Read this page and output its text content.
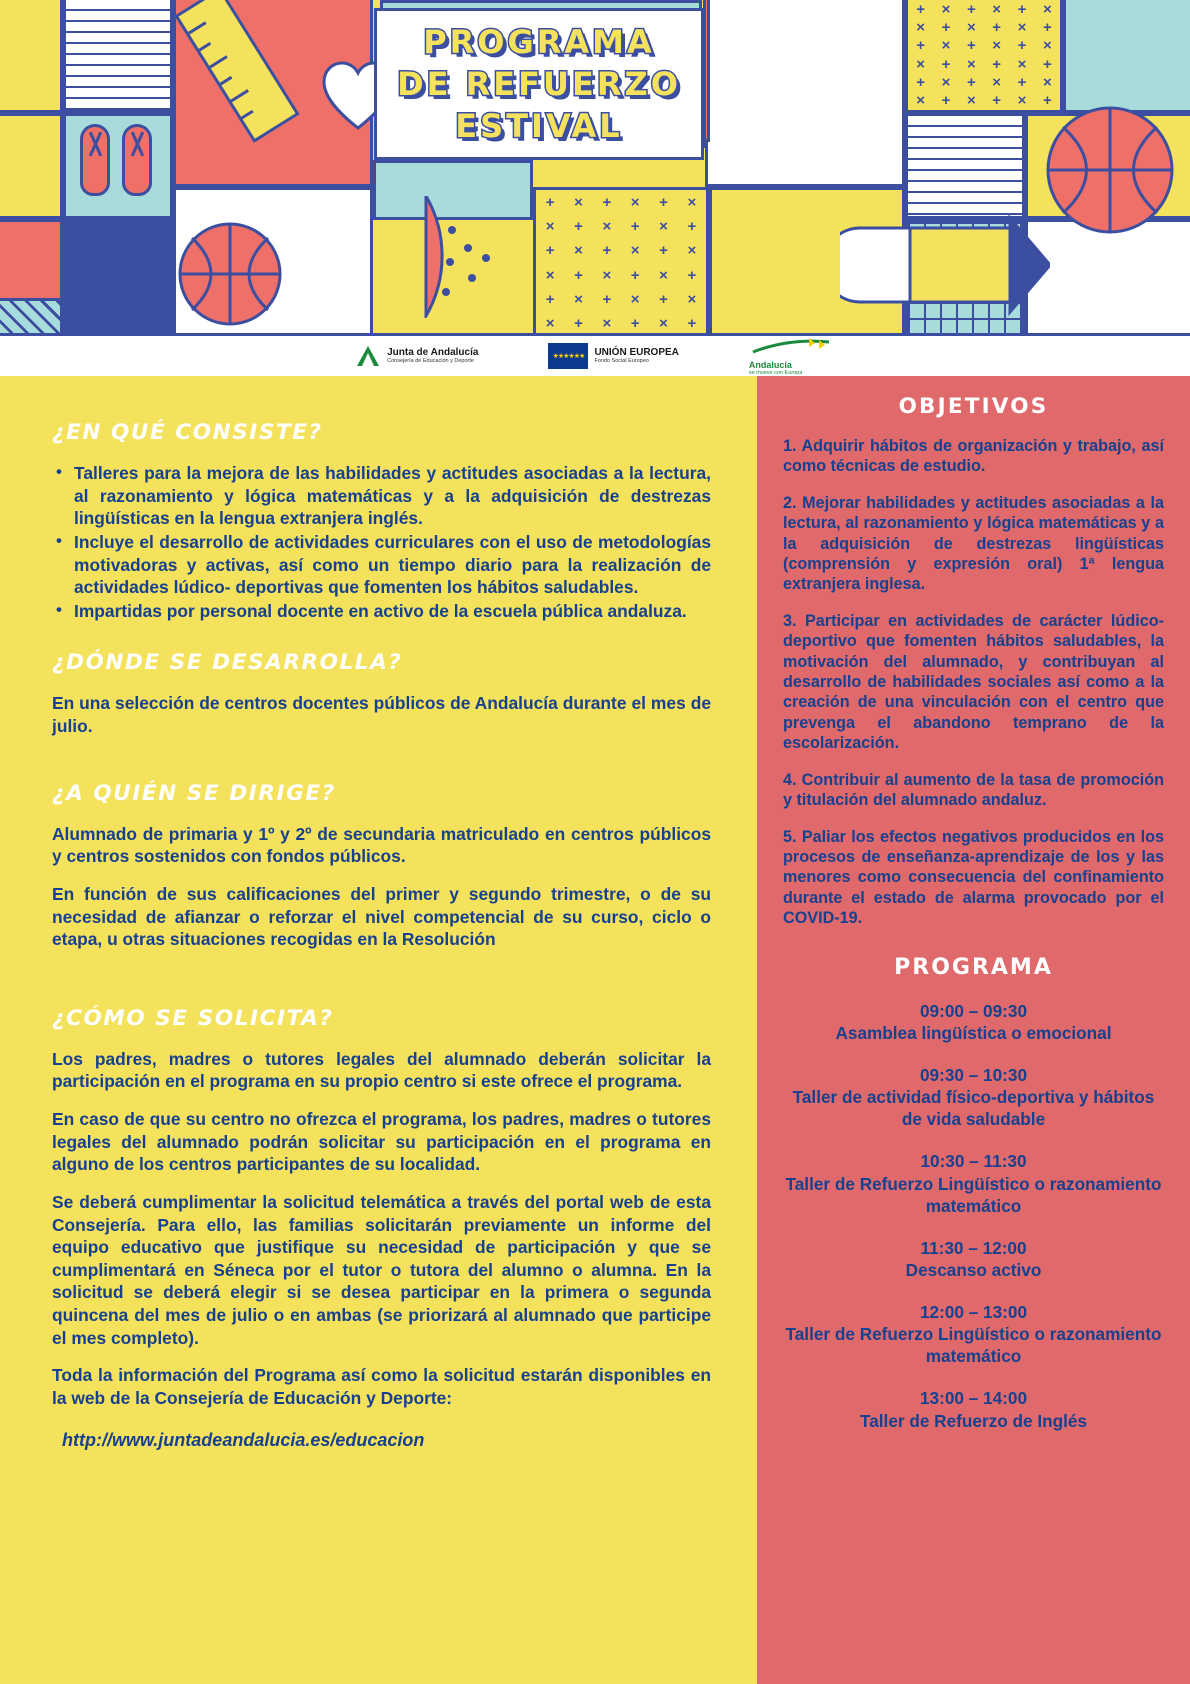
+ × + × + ×
× + × + × +
+ × + × + ×
× + × + × +
+ × + × + ×
× + × + × +
+ × + × + ×
× + × + × +
+ × + × + ×
× + × + × +
+ × + × + ×
× + × + × +
PROGRAMA
DE REFUERZO
ESTIVAL
Junta de Andalucía
Consejería de Educación y Deporte
★★★★★★ UNIÓN EUROPEA
Fondo Social Europeo	Andalucía
se mueve con Europa
¿EN QUÉ CONSISTE?
• Talleres para la mejora de las habilidades y actitudes asociadas a la lectura, al razonamiento y lógica matemáticas y a la adquisición de destrezas lingüísticas en la lengua extranjera inglés.
• Incluye el desarrollo de actividades curriculares con el uso de metodologías motivadoras y activas, así como un tiempo diario para la realización de actividades lúdico- deportivas que fomenten los hábitos saludables.
• Impartidas por personal docente en activo de la escuela pública andaluza.
¿DÓNDE SE DESARROLLA?
En una selección de centros docentes públicos de Andalucía durante el mes de julio.
¿A QUIÉN SE DIRIGE?
Alumnado de primaria y 1º y 2º de secundaria matriculado en centros públicos y centros sostenidos con fondos públicos.
En función de sus calificaciones del primer y segundo trimestre, o de su necesidad de afianzar o reforzar el nivel competencial de su curso, ciclo o etapa, u otras situaciones recogidas en la Resolución
¿CÓMO SE SOLICITA?
Los padres, madres o tutores legales del alumnado deberán solicitar la participación en el programa en su propio centro si este ofrece el programa.
En caso de que su centro no ofrezca el programa, los padres, madres o tutores legales del alumnado podrán solicitar su participación en el programa en alguno de los centros participantes de su localidad.
Se deberá cumplimentar la solicitud telemática a través del portal web de esta Consejería. Para ello, las familias solicitarán previamente un informe del equipo educativo que justifique su necesidad de participación y que se cumplimentará en Séneca por el tutor o tutora del alumno o alumna. En la solicitud se deberá elegir si se desea participar en la primera o segunda quincena del mes de julio o en ambas (se priorizará al alumnado que participe el mes completo).
Toda la información del Programa así como la solicitud estarán disponibles en la web de la Consejería de Educación y Deporte:
http://www.juntadeandalucia.es/educacion
OBJETIVOS
1. Adquirir hábitos de organización y trabajo, así como técnicas de estudio.
2. Mejorar habilidades y actitudes asociadas a la lectura, al razonamiento y lógica matemáticas y a la adquisición de destrezas lingüísticas (comprensión y expresión oral) 1ª lengua extranjera inglesa.
3. Participar en actividades de carácter lúdico-deportivo que fomenten hábitos saludables, la motivación del alumnado, y contribuyan al desarrollo de habilidades sociales así como a la creación de una vinculación con el centro que prevenga el abandono temprano de la escolarización.
4. Contribuir al aumento de la tasa de promoción y titulación del alumnado andaluz.
5. Paliar los efectos negativos producidos en los procesos de enseñanza-aprendizaje de los y las menores como consecuencia del confinamiento durante el estado de alarma provocado por el COVID-19.
PROGRAMA
09:00 – 09:30
Asamblea lingüística o emocional
09:30 – 10:30
Taller de actividad físico-deportiva y hábitos de vida saludable
10:30 – 11:30
Taller de Refuerzo Lingüístico o razonamiento matemático
11:30 – 12:00
Descanso activo
12:00 – 13:00
Taller de Refuerzo Lingüístico o razonamiento matemático
13:00 – 14:00
Taller de Refuerzo de Inglés
